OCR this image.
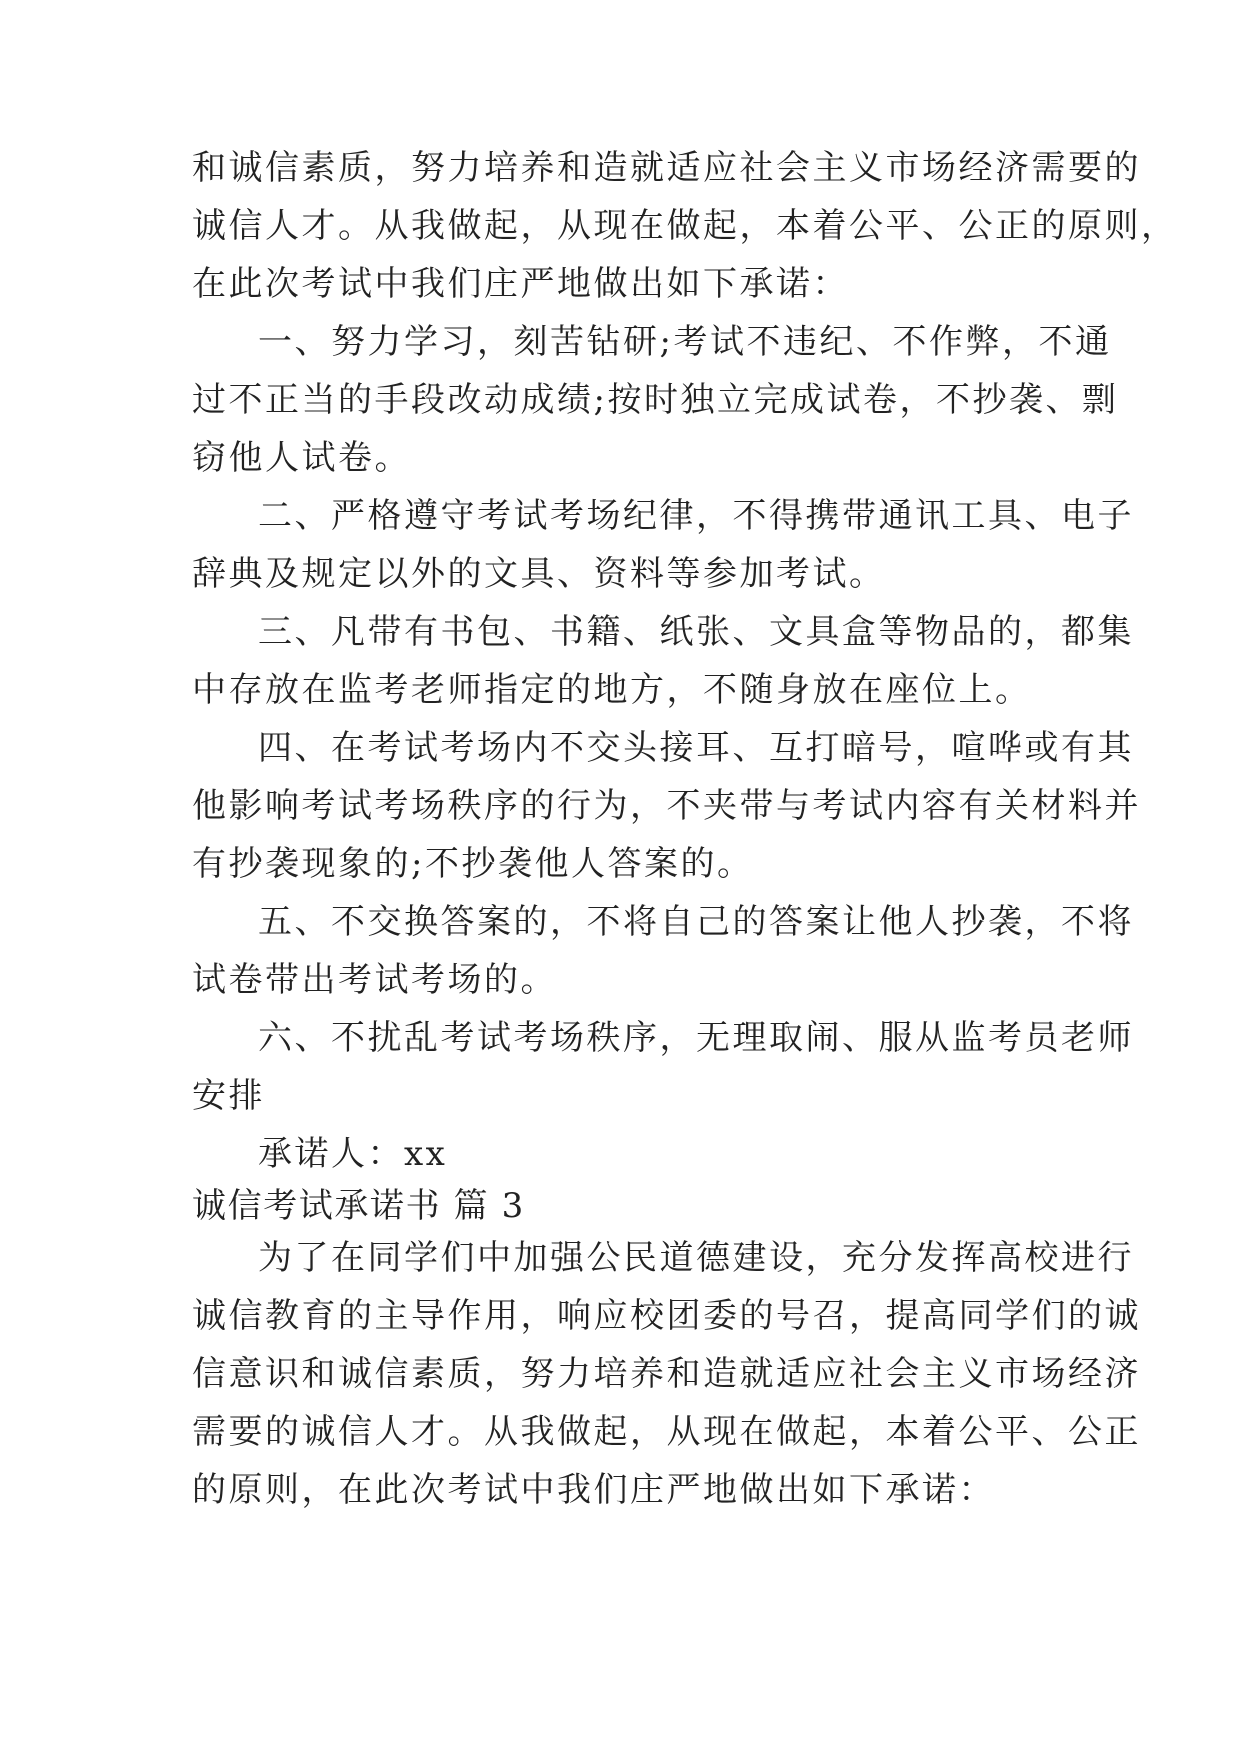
和诚信素质，努力培养和造就适应社会主义市场经济需要的
诚信人才。从我做起，从现在做起，本着公平、公正的原则，
在此次考试中我们庄严地做出如下承诺：
一、努力学习，刻苦钻研;考试不违纪、不作弊，不通
过不正当的手段改动成绩;按时独立完成试卷，不抄袭、剽
窃他人试卷。
二、严格遵守考试考场纪律，不得携带通讯工具、电子
辞典及规定以外的文具、资料等参加考试。
三、凡带有书包、书籍、纸张、文具盒等物品的，都集
中存放在监考老师指定的地方，不随身放在座位上。
四、在考试考场内不交头接耳、互打暗号，喧哗或有其
他影响考试考场秩序的行为，不夹带与考试内容有关材料并
有抄袭现象的;不抄袭他人答案的。
五、不交换答案的，不将自己的答案让他人抄袭，不将
试卷带出考试考场的。
六、不扰乱考试考场秩序，无理取闹、服从监考员老师
安排
承诺人：xx
诚信考试承诺书 篇 3
为了在同学们中加强公民道德建设，充分发挥高校进行
诚信教育的主导作用，响应校团委的号召，提高同学们的诚
信意识和诚信素质，努力培养和造就适应社会主义市场经济
需要的诚信人才。从我做起，从现在做起，本着公平、公正
的原则，在此次考试中我们庄严地做出如下承诺：
